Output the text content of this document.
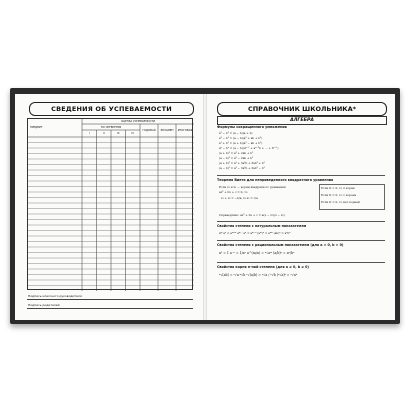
СВЕДЕНИЯ ОБ УСПЕВАЕМОСТИ
ПРЕДМЕТ
ОЦЕНКА УСПЕВАЕМОСТИ
ПО ЧЕТВЕРТЯМ
I	II	III	IV
ГОДОВАЯ	ЭКЗАМЕН	ИТОГОВАЯ
Подпись классного руководителя
Подпись родителей
СПРАВОЧНИК ШКОЛЬНИКА*
АЛГЕБРА
Формулы сокращенного умножения
a² − b² = (a − b)(a + b)
a³ − b³ = (a − b)(a² + ab + b²)
a³ + b³ = (a + b)(a² − ab + b²)
aⁿ − bⁿ = (a − b)(aⁿ⁻¹ + aⁿ⁻²b + ... + bⁿ⁻¹)
(a + b)² = a² + 2ab + b²
(a − b)² = a² − 2ab + b²
(a + b)³ = a³ + 3a²b + 3ab² + b³
(a − b)³ = a³ − 3a²b + 3ab² − b³
Теорема Виета для неприведенного квадратного уравнения
Если x₁ и x₂ — корни квадратного уравнения
ax² + bx + c = 0, то
x₁ + x₂ = −b/a, x₁·x₂ = c/a
Справедливо: ax² + bx + c = a(x − x₁)(x − x₂)
Если D > 0, то 2 корня
Если D = 0, то 1 корень
Если D < 0, то нет корней
Свойства степени с натуральным показателем
aᵐ·aⁿ = aᵐ⁺ⁿ aᵐ : aⁿ = aᵐ⁻ⁿ (aᵐ)ⁿ = aᵐⁿ (ab)ⁿ = aⁿbⁿ
Свойства степени с рациональным показателем (для a > 0, b > 0)
a⁰ = 1 a⁻ⁿ = 1/aⁿ a^(m/n) = ⁿ√aᵐ (a/b)ⁿ = aⁿ/bⁿ
Свойства корня n-ной степени (для a ≥ 0, b ≥ 0)
ⁿ√(ab) = ⁿ√a·ⁿ√b ⁿ√(a/b) = ⁿ√a / ⁿ√b (ⁿ√a)ᵏ = ⁿ√aᵏ
